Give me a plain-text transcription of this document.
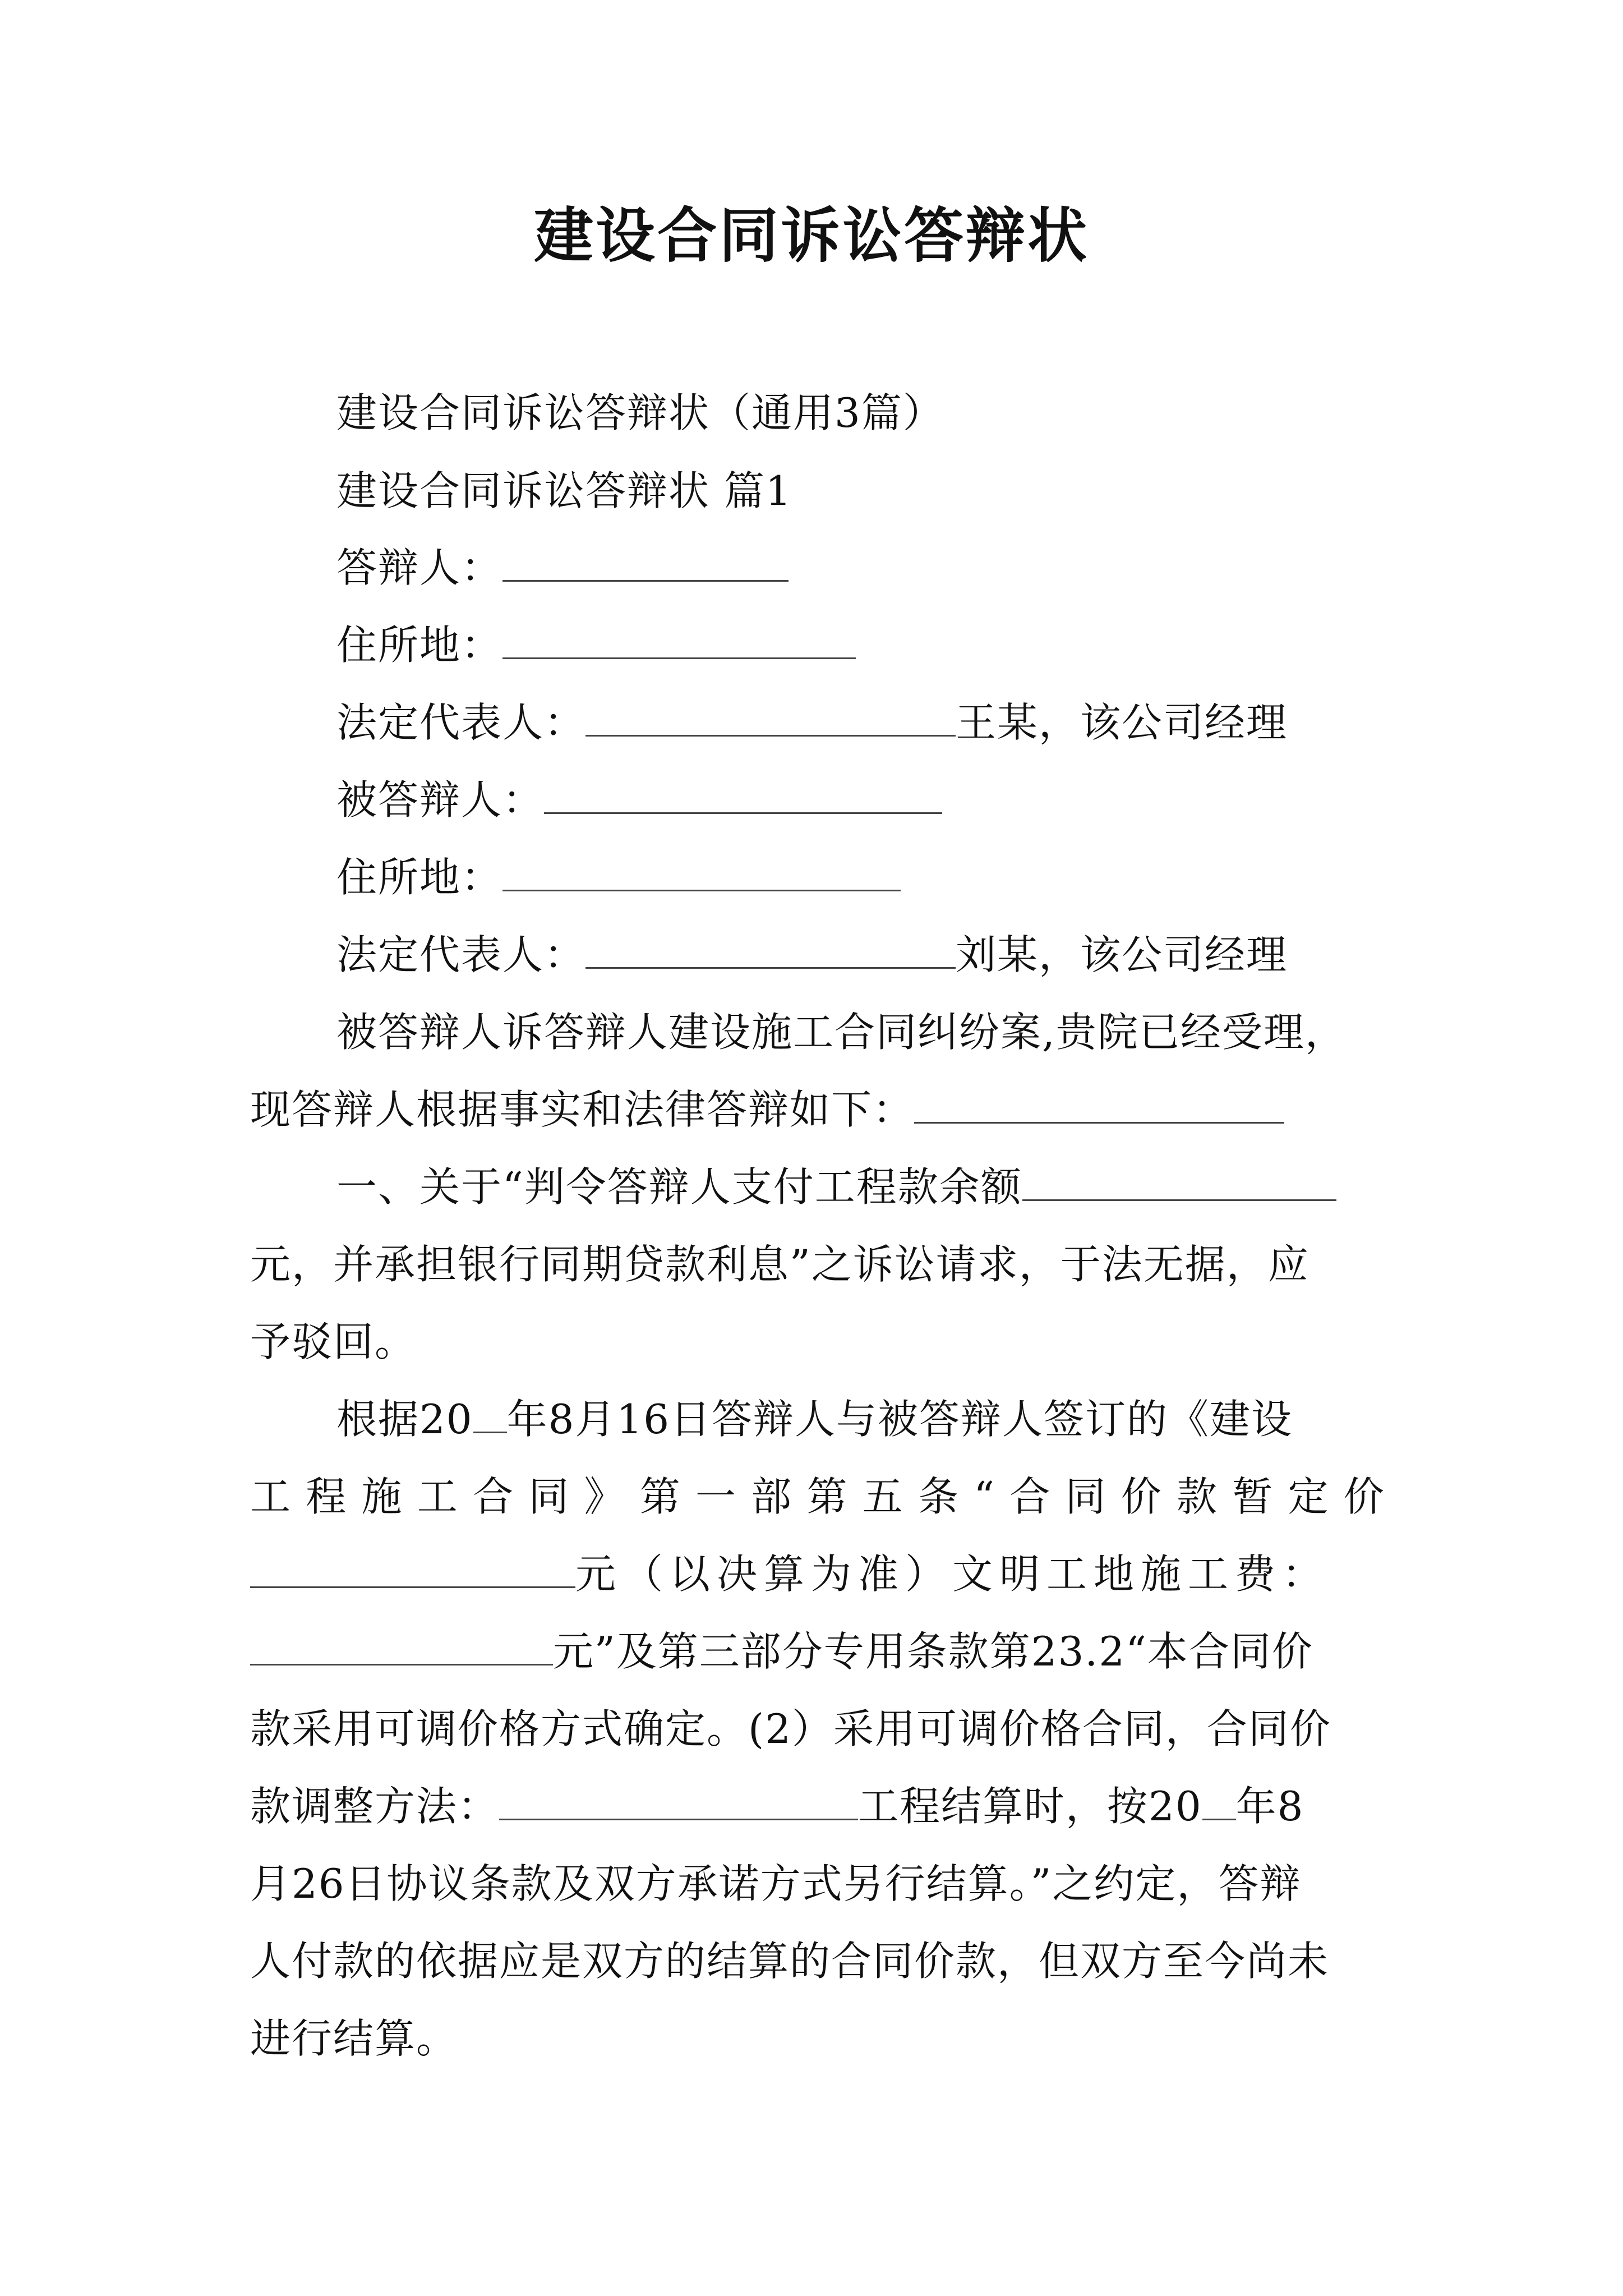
建设合同诉讼答辩状
建设合同诉讼答辩状（通用3篇）
建设合同诉讼答辩状 篇1
答辩人：
住所地：
法定代表人：	王某，该公司经理
被答辩人：
住所地：
法定代表人：	刘某，该公司经理
被答辩人诉答辩人建设施工合同纠纷案,贵院已经受理，
现答辩人根据事实和法律答辩如下：
一、关于“判令答辩人支付工程款余额
元，并承担银行同期贷款利息”之诉讼请求，于法无据，应
予驳回。
根据20 年8月16日答辩人与被答辩人签订的《建设
工 程 施 工 合 同 》 第 一 部 第 五 条 “ 合 同 价 款 暂 定 价
元（以决算为准）文明工地施工费：
元”及第三部分专用条款第23.2“本合同价
款采用可调价格方式确定。(2）采用可调价格合同，合同价
款调整方法：	工程结算时，按20 年8
月26日协议条款及双方承诺方式另行结算。”之约定，答辩
人付款的依据应是双方的结算的合同价款，但双方至今尚未
进行结算。
